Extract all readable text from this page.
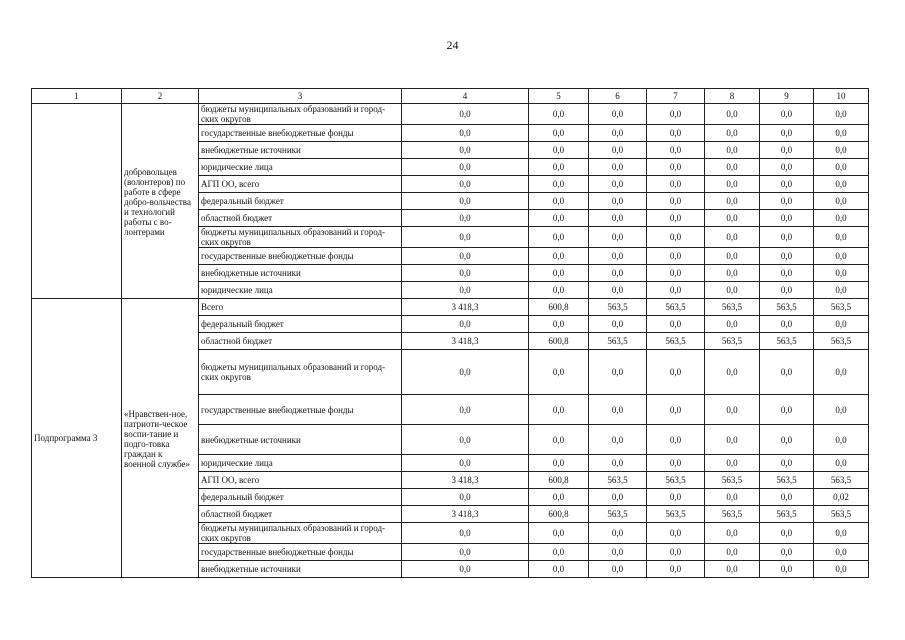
24
1	2	3	4	5	6	7	8	9	10

	добровольцев (волонтеров) по работе в сфере добро-вольчества и технологий работы с во-лонтерами	бюджеты муниципальных образований и город-ских округов	0,0	0,0	0,0	0,0	0,0	0,0	0,0
		государственные внебюджетные фонды	0,0	0,0	0,0	0,0	0,0	0,0	0,0
		внебюджетные источники	0,0	0,0	0,0	0,0	0,0	0,0	0,0
		юридические лица	0,0	0,0	0,0	0,0	0,0	0,0	0,0
		АГП ОО, всего	0,0	0,0	0,0	0,0	0,0	0,0	0,0
		федеральный бюджет	0,0	0,0	0,0	0,0	0,0	0,0	0,0
		областной бюджет	0,0	0,0	0,0	0,0	0,0	0,0	0,0
		бюджеты муниципальных образований и город-ских округов	0,0	0,0	0,0	0,0	0,0	0,0	0,0
		государственные внебюджетные фонды	0,0	0,0	0,0	0,0	0,0	0,0	0,0
		внебюджетные источники	0,0	0,0	0,0	0,0	0,0	0,0	0,0
		юридические лица	0,0	0,0	0,0	0,0	0,0	0,0	0,0
Подпрограмма 3	«Нравствен-ное, патриоти-ческое воспи-тание и подго-товка граждан к военной службе»	Всего	3 418,3	600,8	563,5	563,5	563,5	563,5	563,5
		федеральный бюджет	0,0	0,0	0,0	0,0	0,0	0,0	0,0
		областной бюджет	3 418,3	600,8	563,5	563,5	563,5	563,5	563,5
		бюджеты муниципальных образований и город-ских округов	0,0	0,0	0,0	0,0	0,0	0,0	0,0
		государственные внебюджетные фонды	0,0	0,0	0,0	0,0	0,0	0,0	0,0
		внебюджетные источники	0,0	0,0	0,0	0,0	0,0	0,0	0,0
		юридические лица	0,0	0,0	0,0	0,0	0,0	0,0	0,0
		АГП ОО, всего	3 418,3	600,8	563,5	563,5	563,5	563,5	563,5
		федеральный бюджет	0,0	0,0	0,0	0,0	0,0	0,0	0,02
		областной бюджет	3 418,3	600,8	563,5	563,5	563,5	563,5	563,5
		бюджеты муниципальных образований и город-ских округов	0,0	0,0	0,0	0,0	0,0	0,0	0,0
		государственные внебюджетные фонды	0,0	0,0	0,0	0,0	0,0	0,0	0,0
		внебюджетные источники	0,0	0,0	0,0	0,0	0,0	0,0	0,0
